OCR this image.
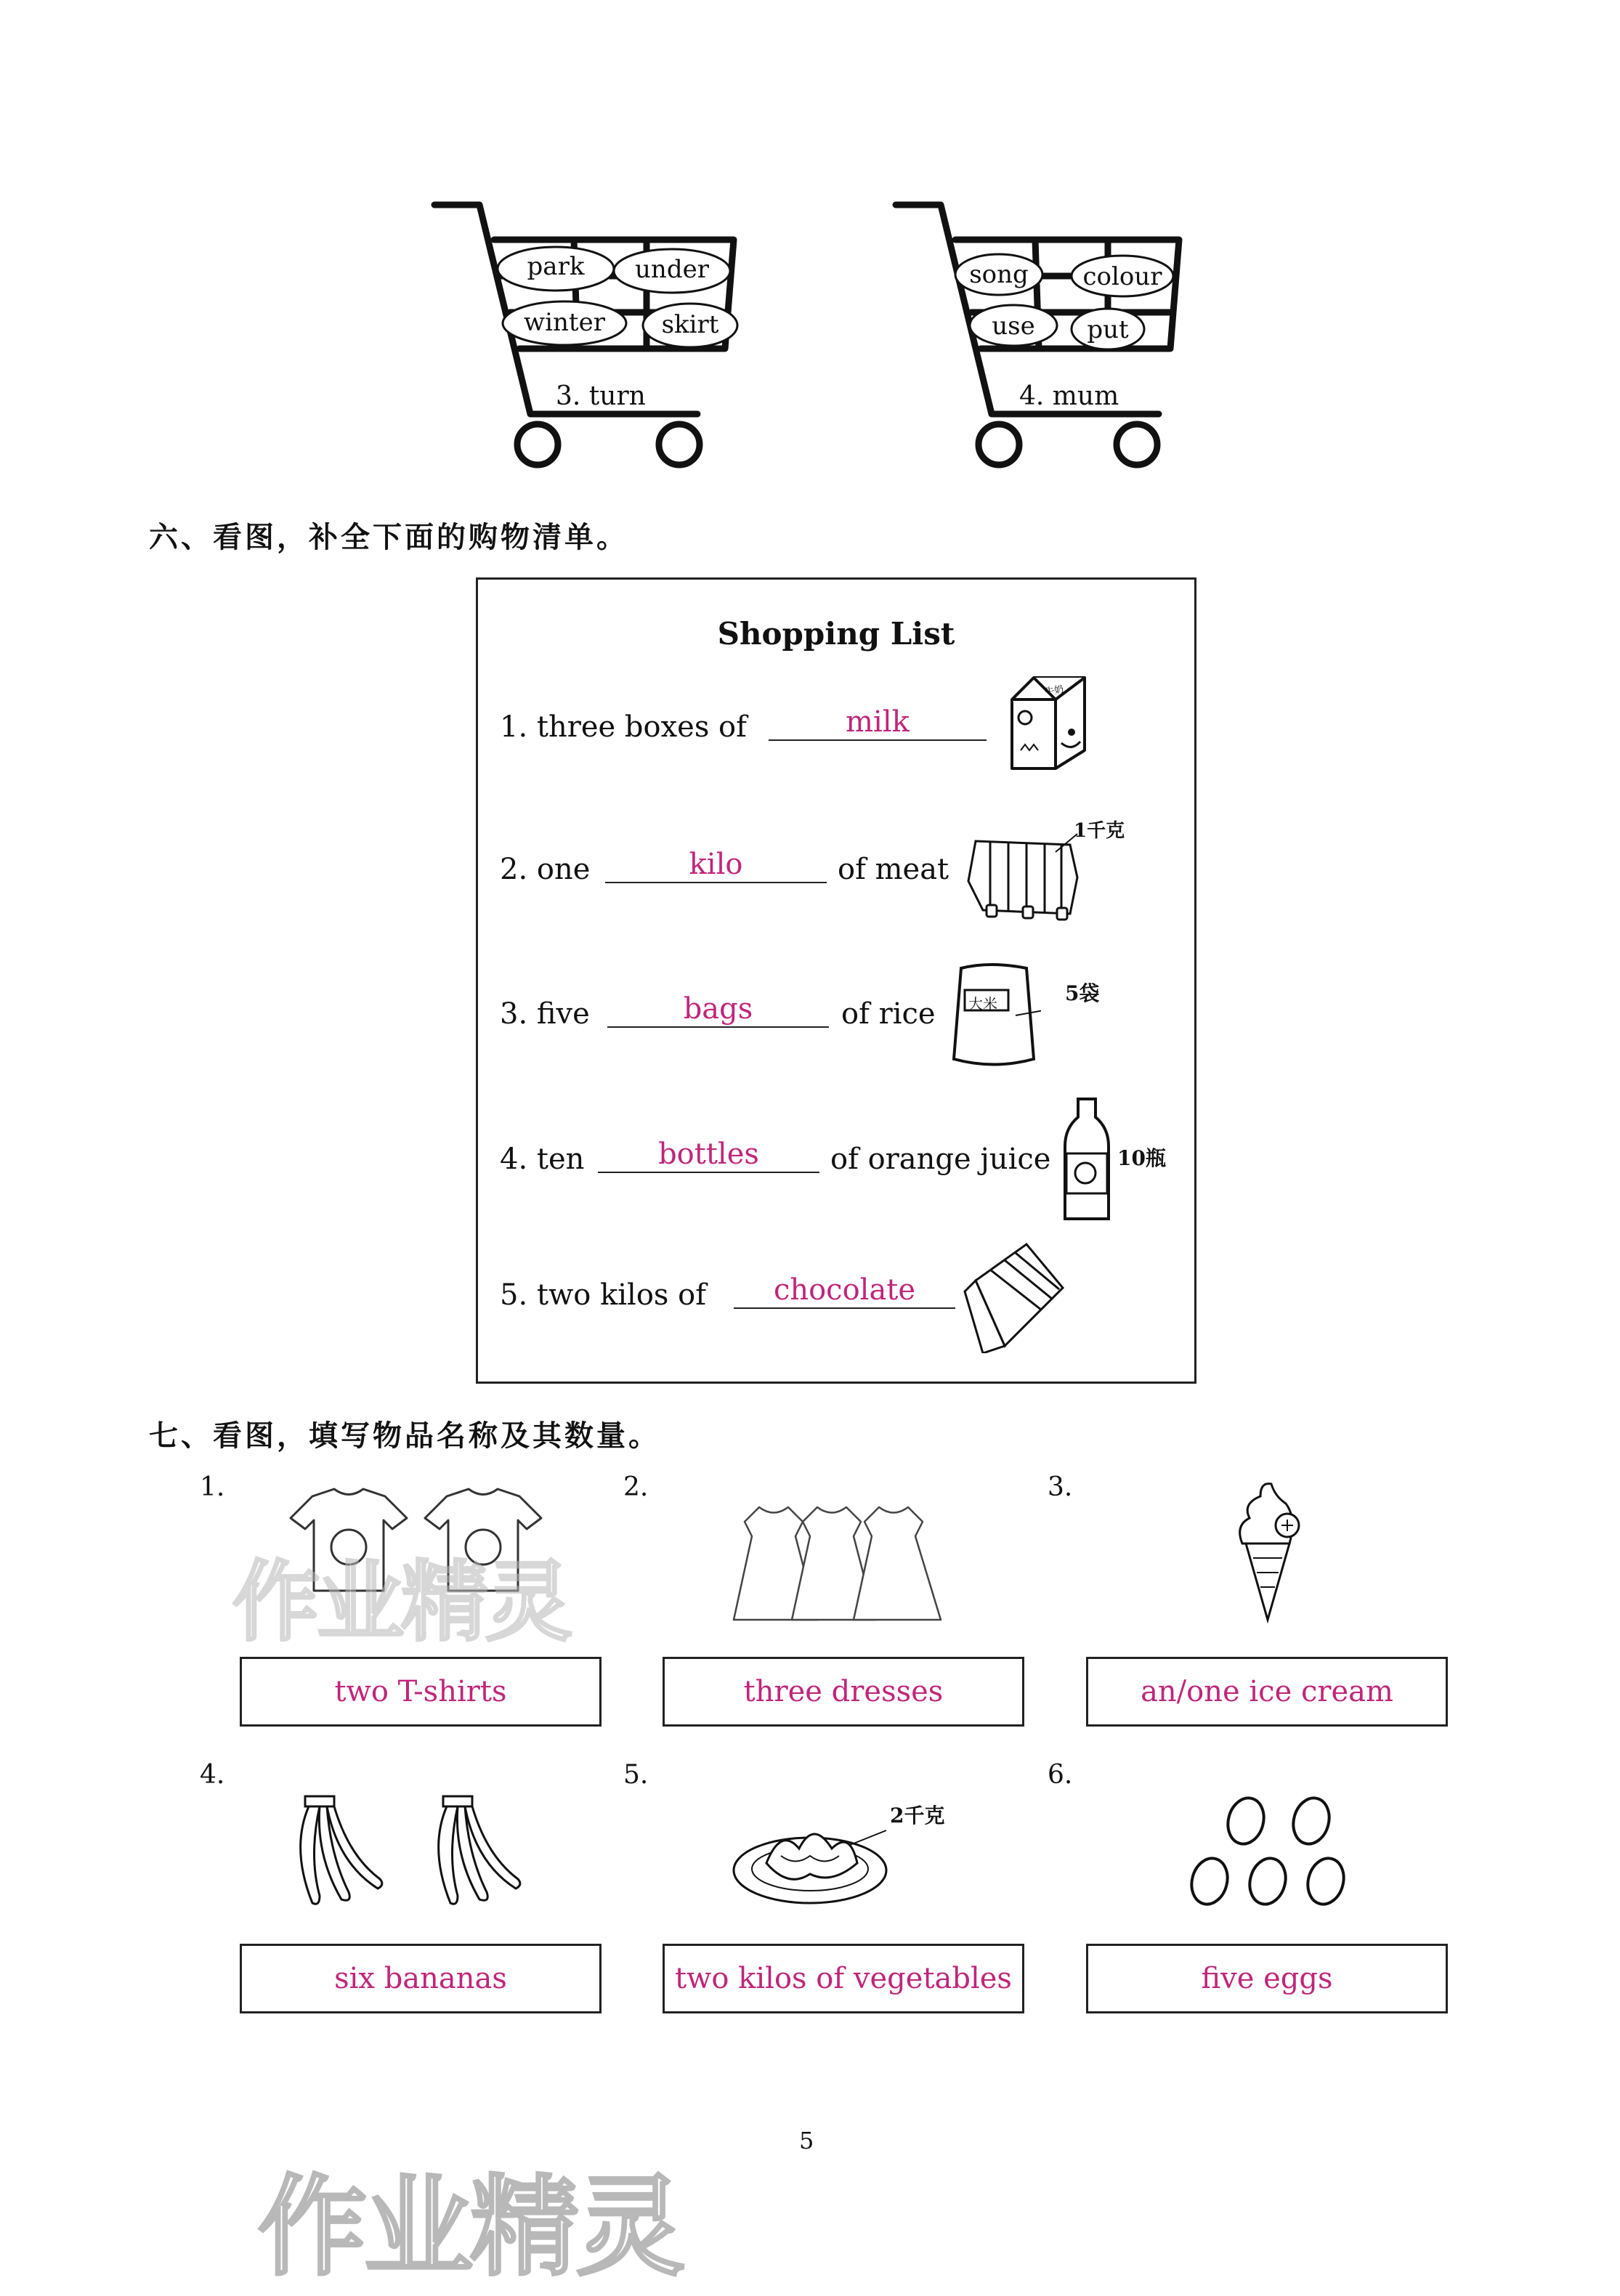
park	under
winter	skirt
3. turn
song	colour
use	put
4. mum
六、看图，补全下面的购物清单。
Shopping List
1. three boxes of	milk
牛奶
2. one	kilo	of meat
1千克
3. five	bags	of rice 大米	5袋
4. ten	bottles	of orange juice	10瓶
5. two kilos of	chocolate
七、看图，填写物品名称及其数量。
1.	2.	3.
two T-shirts	three dresses	an/one ice cream
4.	5.	6.
2千克
six bananas	two kilos of vegetables	five eggs
作业精灵
作业精灵
5
